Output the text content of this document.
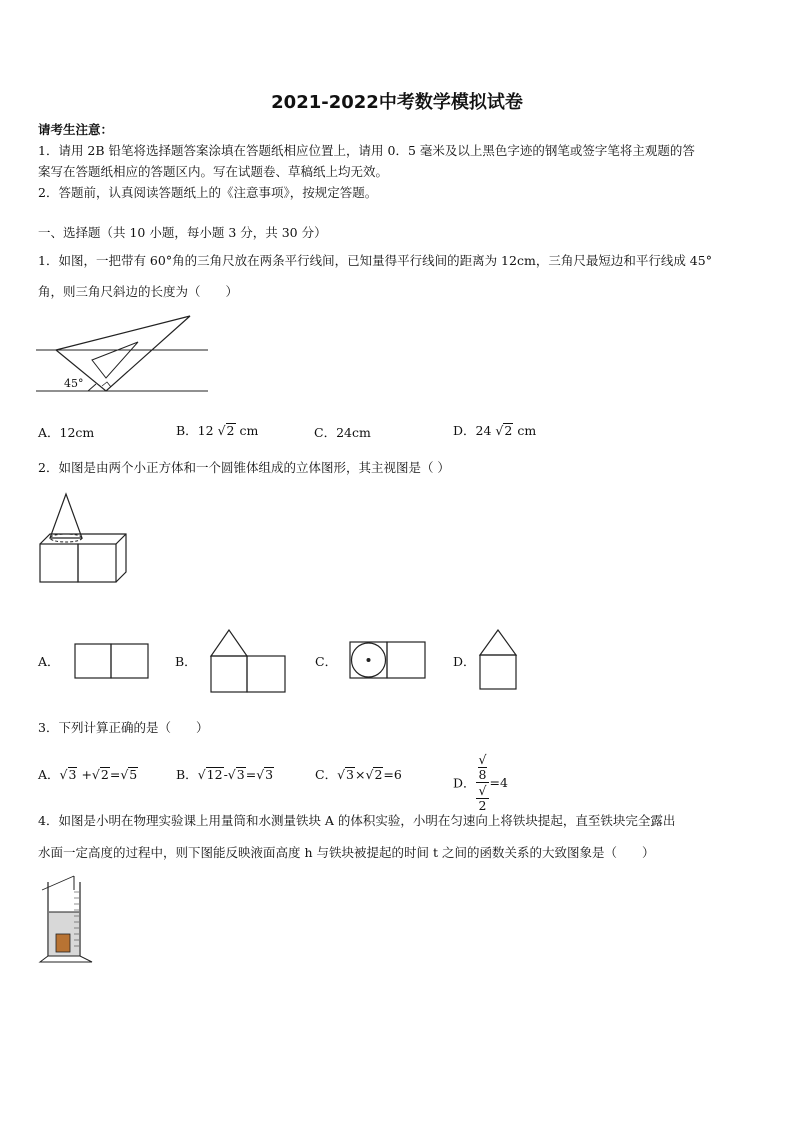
2021-2022中考数学模拟试卷
请考生注意：
1．请用 2B 铅笔将选择题答案涂填在答题纸相应位置上，请用 0．5 毫米及以上黑色字迹的钢笔或签字笔将主观题的答
案写在答题纸相应的答题区内。写在试题卷、草稿纸上均无效。
2．答题前，认真阅读答题纸上的《注意事项》，按规定答题。
一、选择题（共 10 小题，每小题 3 分，共 30 分）
1．如图，一把带有 60°角的三角尺放在两条平行线间，已知量得平行线间的距离为 12cm，三角尺最短边和平行线成 45°
角，则三角尺斜边的长度为（　　）
45°
A．12cm	B．12 √2 cm	C．24cm	D．24 √2 cm
2．如图是由两个小正方体和一个圆锥体组成的立体图形，其主视图是（ ）
A．	B．	C．	D．
3．下列计算正确的是（　　）
A．√3 +√2=√5	B．√12-√3=√3	C．√3×√2=6
D． √
8
√
2 =4
4．如图是小明在物理实验课上用量筒和水测量铁块 A 的体积实验，小明在匀速向上将铁块提起，直至铁块完全露出
水面一定高度的过程中，则下图能反映液面高度 h 与铁块被提起的时间 t 之间的函数关系的大致图象是（　　）
